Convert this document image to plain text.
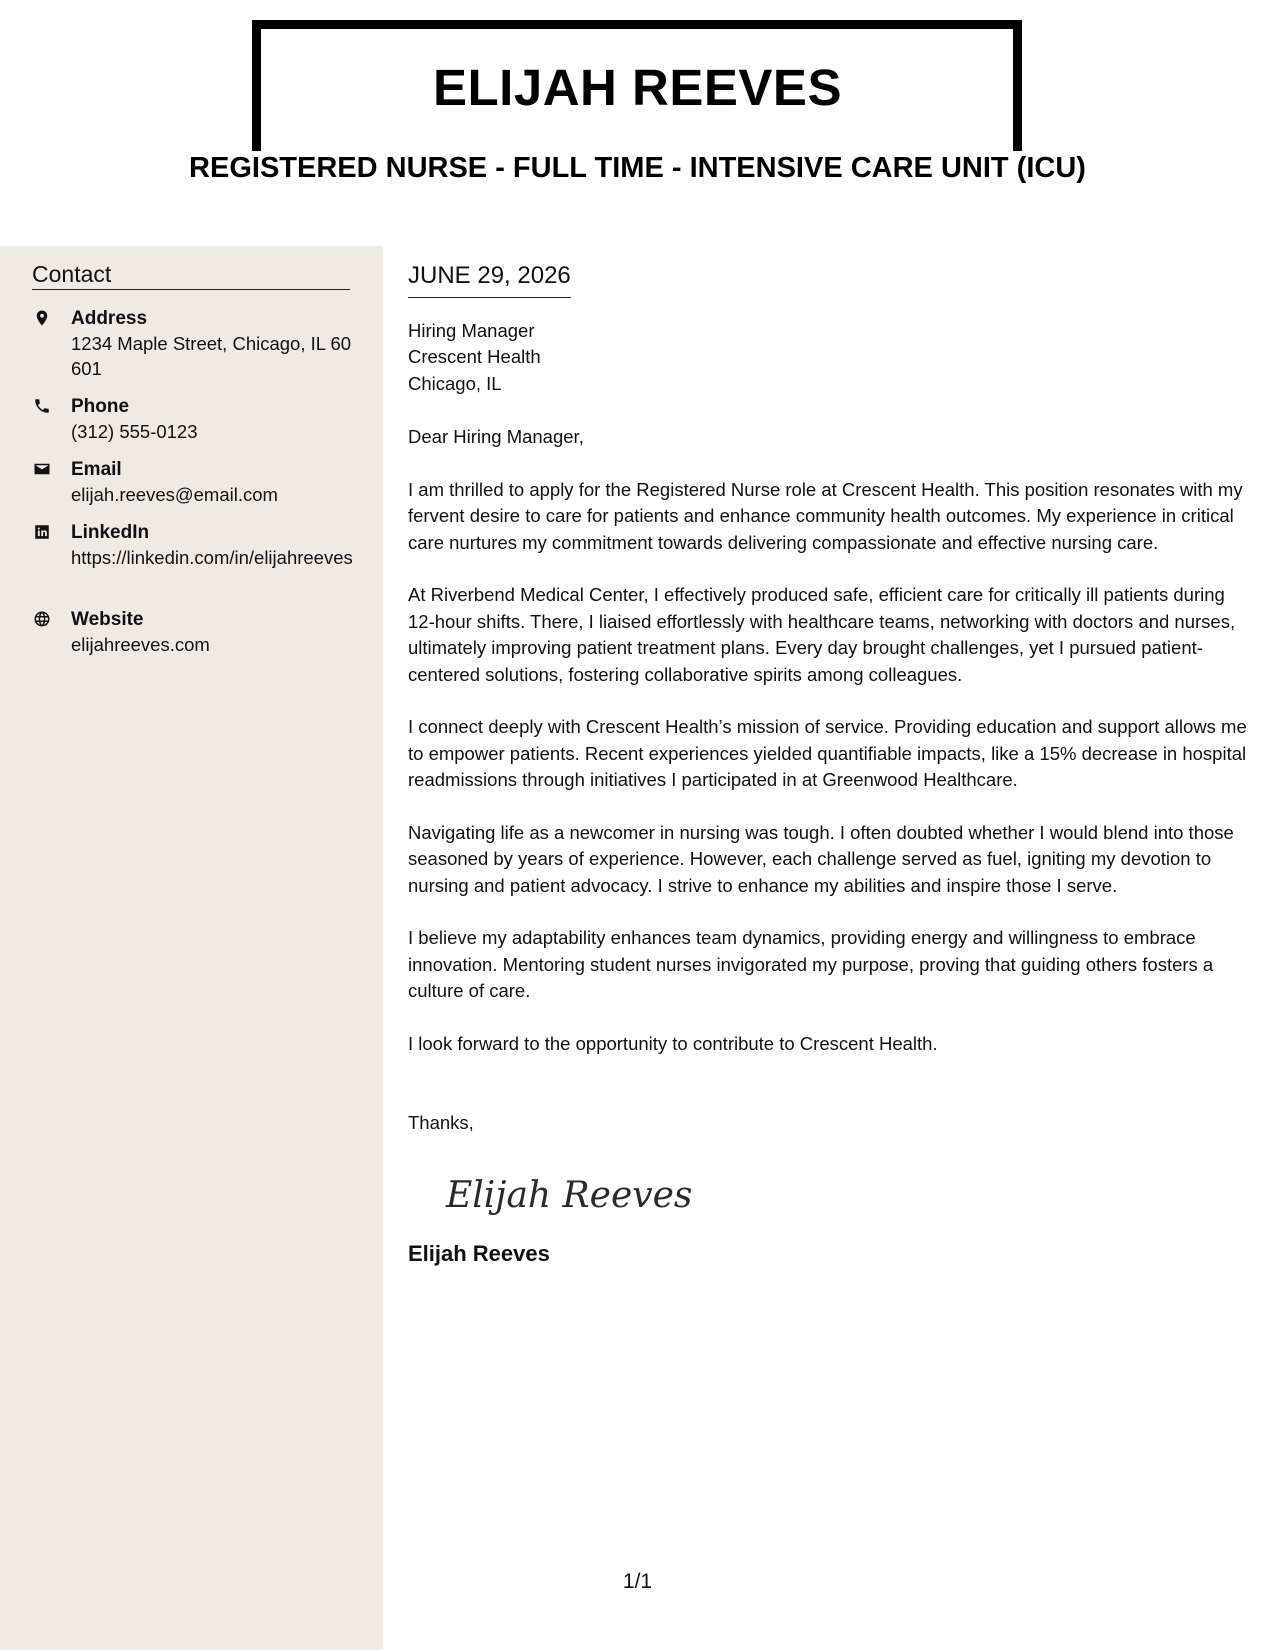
ELIJAH REEVES
REGISTERED NURSE - FULL TIME - INTENSIVE CARE UNIT (ICU)
Contact
Address
1234 Maple Street, Chicago, IL 60601
Phone
(312) 555-0123
Email
elijah.reeves@email.com
LinkedIn
https://linkedin.com/in/elijahreeves
Website
elijahreeves.com
JUNE 29, 2026
Hiring Manager
Crescent Health
Chicago, IL
Dear Hiring Manager,

I am thrilled to apply for the Registered Nurse role at Crescent Health. This position resonates with my fervent desire to care for patients and enhance community health outcomes. My experience in critical care nurtures my commitment towards delivering compassionate and effective nursing care.

At Riverbend Medical Center, I effectively produced safe, efficient care for critically ill patients during 12-hour shifts. There, I liaised effortlessly with healthcare teams, networking with doctors and nurses, ultimately improving patient treatment plans. Every day brought challenges, yet I pursued patient-centered solutions, fostering collaborative spirits among colleagues.

I connect deeply with Crescent Health’s mission of service. Providing education and support allows me to empower patients. Recent experiences yielded quantifiable impacts, like a 15% decrease in hospital readmissions through initiatives I participated in at Greenwood Healthcare.

Navigating life as a newcomer in nursing was tough. I often doubted whether I would blend into those seasoned by years of experience. However, each challenge served as fuel, igniting my devotion to nursing and patient advocacy. I strive to enhance my abilities and inspire those I serve.

I believe my adaptability enhances team dynamics, providing energy and willingness to embrace innovation. Mentoring student nurses invigorated my purpose, proving that guiding others fosters a culture of care.

I look forward to the opportunity to contribute to Crescent Health.

Thanks,
Elijah Reeves
Elijah Reeves
1/1
